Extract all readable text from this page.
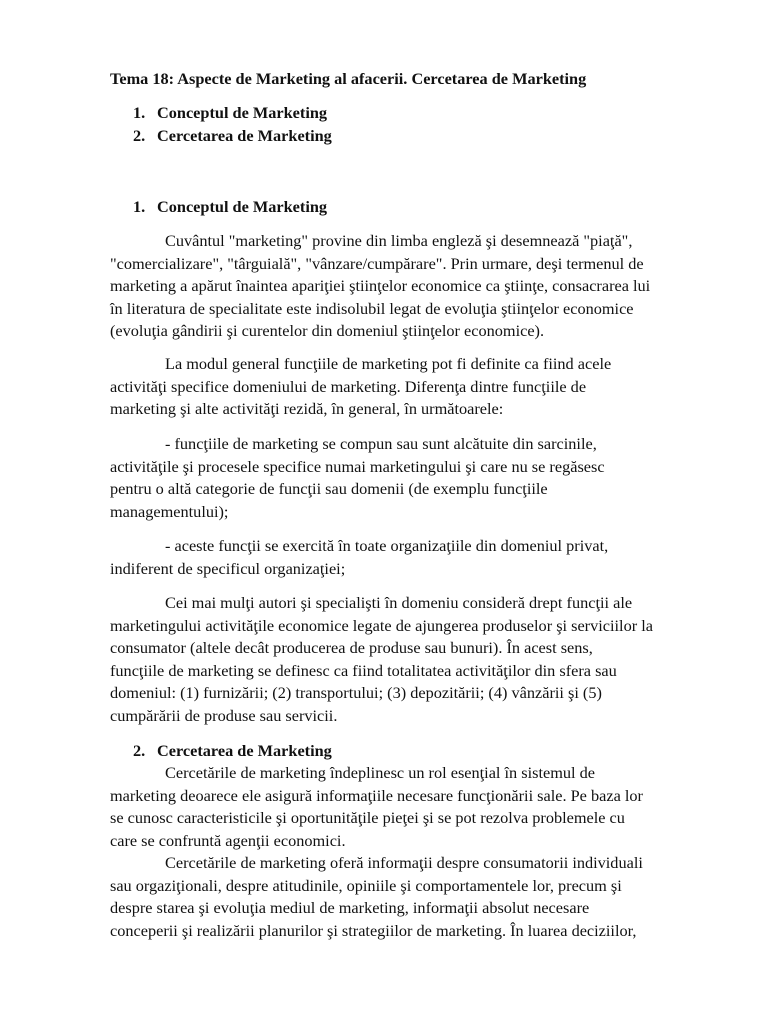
Tema 18: Aspecte de Marketing al afacerii. Cercetarea de Marketing

1. Conceptul de Marketing

2. Cercetarea de Marketing

1. Conceptul de Marketing

Cuvântul "marketing" provine din limba engleză şi desemnează "piaţă",
"comercializare", "târguială", "vânzare/cumpărare". Prin urmare, deşi termenul de
marketing a apărut înaintea apariţiei ştiinţelor economice ca ştiinţe, consacrarea lui
în literatura de specialitate este indisolubil legat de evoluţia ştiinţelor economice
(evoluţia gândirii şi curentelor din domeniul ştiinţelor economice).
La modul general funcţiile de marketing pot fi definite ca fiind acele
activităţi specifice domeniului de marketing. Diferenţa dintre funcţiile de
marketing şi alte activităţi rezidă, în general, în următoarele:
- funcţiile de marketing se compun sau sunt alcătuite din sarcinile,
activităţile şi procesele specifice numai marketingului şi care nu se regăsesc
pentru o altă categorie de funcţii sau domenii (de exemplu funcţiile
managementului);
- aceste funcţii se exercită în toate organizaţiile din domeniul privat,
indiferent de specificul organizaţiei;
Cei mai mulţi autori şi specialişti în domeniu consideră drept funcţii ale
marketingului activităţile economice legate de ajungerea produselor şi serviciilor la
consumator (altele decât producerea de produse sau bunuri). În acest sens,
funcţiile de marketing se definesc ca fiind totalitatea activităţilor din sfera sau
domeniul: (1) furnizării; (2) transportului; (3) depozitării; (4) vânzării şi (5)
cumpărării de produse sau servicii.

2. Cercetarea de Marketing

Cercetările de marketing îndeplinesc un rol esenţial în sistemul de
marketing deoarece ele asigură informaţiile necesare funcţionării sale. Pe baza lor
se cunosc caracteristicile şi oportunităţile pieţei şi se pot rezolva problemele cu
care se confruntă agenţii economici.
Cercetările de marketing oferă informaţii despre consumatorii individuali
sau orgaziţionali, despre atitudinile, opiniile şi comportamentele lor, precum şi
despre starea şi evoluţia mediul de marketing, informaţii absolut necesare
conceperii şi realizării planurilor şi strategiilor de marketing. În luarea deciziilor,
